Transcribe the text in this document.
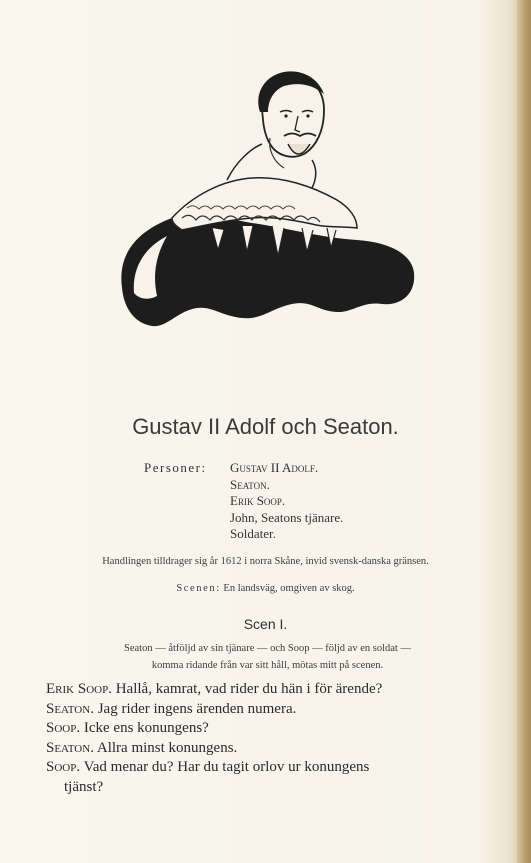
Gustav II Adolf och Seaton.
Personer: Gustav II Adolf.
Seaton.
Erik Soop.
John, Seatons tjänare.
Soldater.
Handlingen tilldrager sig år 1612 i norra Skåne, invid svensk-danska gränsen.
Scenen: En landsväg, omgiven av skog.
Scen I.
Seaton — åtföljd av sin tjänare — och Soop — följd av en soldat —
komma ridande från var sitt håll, mötas mitt på scenen.
Erik Soop. Hallå, kamrat, vad rider du hän i för ärende?
Seaton. Jag rider ingens ärenden numera.
Soop. Icke ens konungens?
Seaton. Allra minst konungens.
Soop. Vad menar du? Har du tagit orlov ur konungens
tjänst?
